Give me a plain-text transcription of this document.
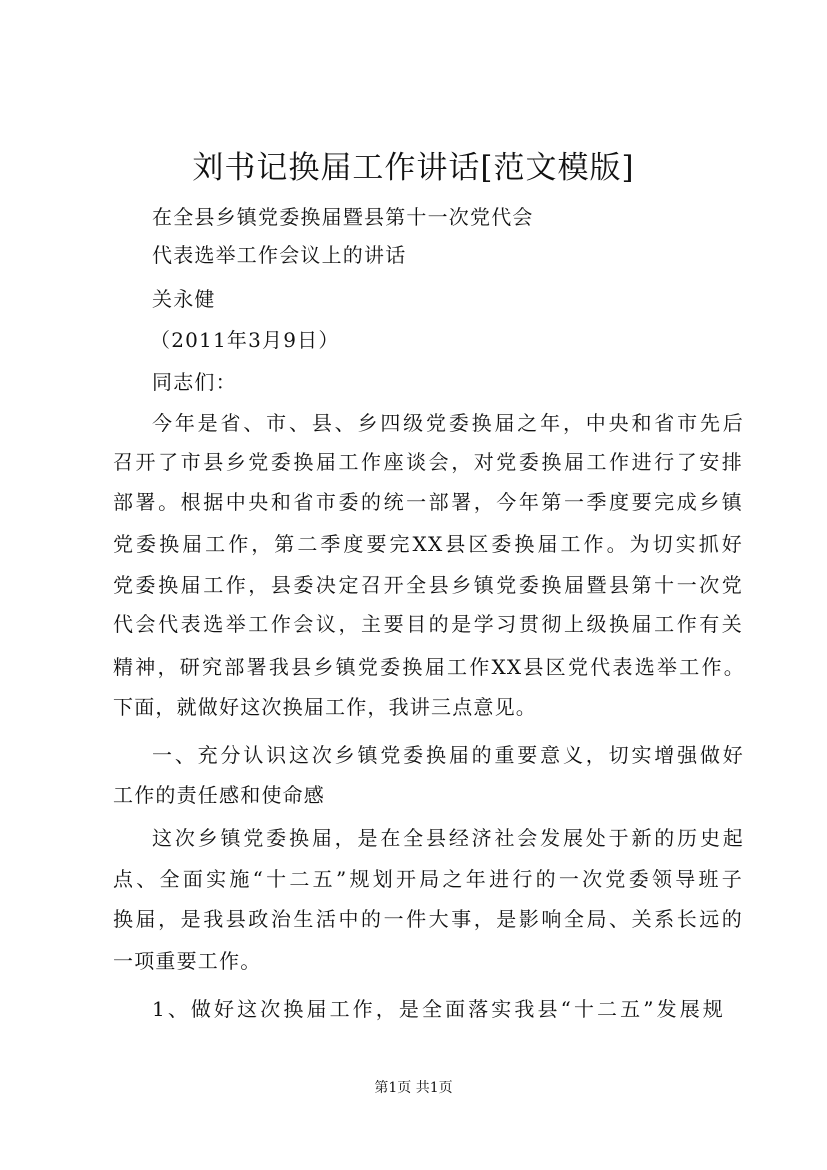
刘书记换届工作讲话[范文模版]
在全县乡镇党委换届暨县第十一次党代会
代表选举工作会议上的讲话
关永健
（2011年3月9日）
同志们：
今年是省、市、县、乡四级党委换届之年，中央和省市先后
召开了市县乡党委换届工作座谈会，对党委换届工作进行了安排
部署。根据中央和省市委的统一部署，今年第一季度要完成乡镇
党委换届工作，第二季度要完XX县区委换届工作。为切实抓好
党委换届工作，县委决定召开全县乡镇党委换届暨县第十一次党
代会代表选举工作会议，主要目的是学习贯彻上级换届工作有关
精神，研究部署我县乡镇党委换届工作XX县区党代表选举工作。
下面，就做好这次换届工作，我讲三点意见。
一、充分认识这次乡镇党委换届的重要意义，切实增强做好
工作的责任感和使命感
这次乡镇党委换届，是在全县经济社会发展处于新的历史起
点、全面实施“十二五”规划开局之年进行的一次党委领导班子
换届，是我县政治生活中的一件大事，是影响全局、关系长远的
一项重要工作。
1、做好这次换届工作，是全面落实我县“十二五”发展规
第1页 共1页
